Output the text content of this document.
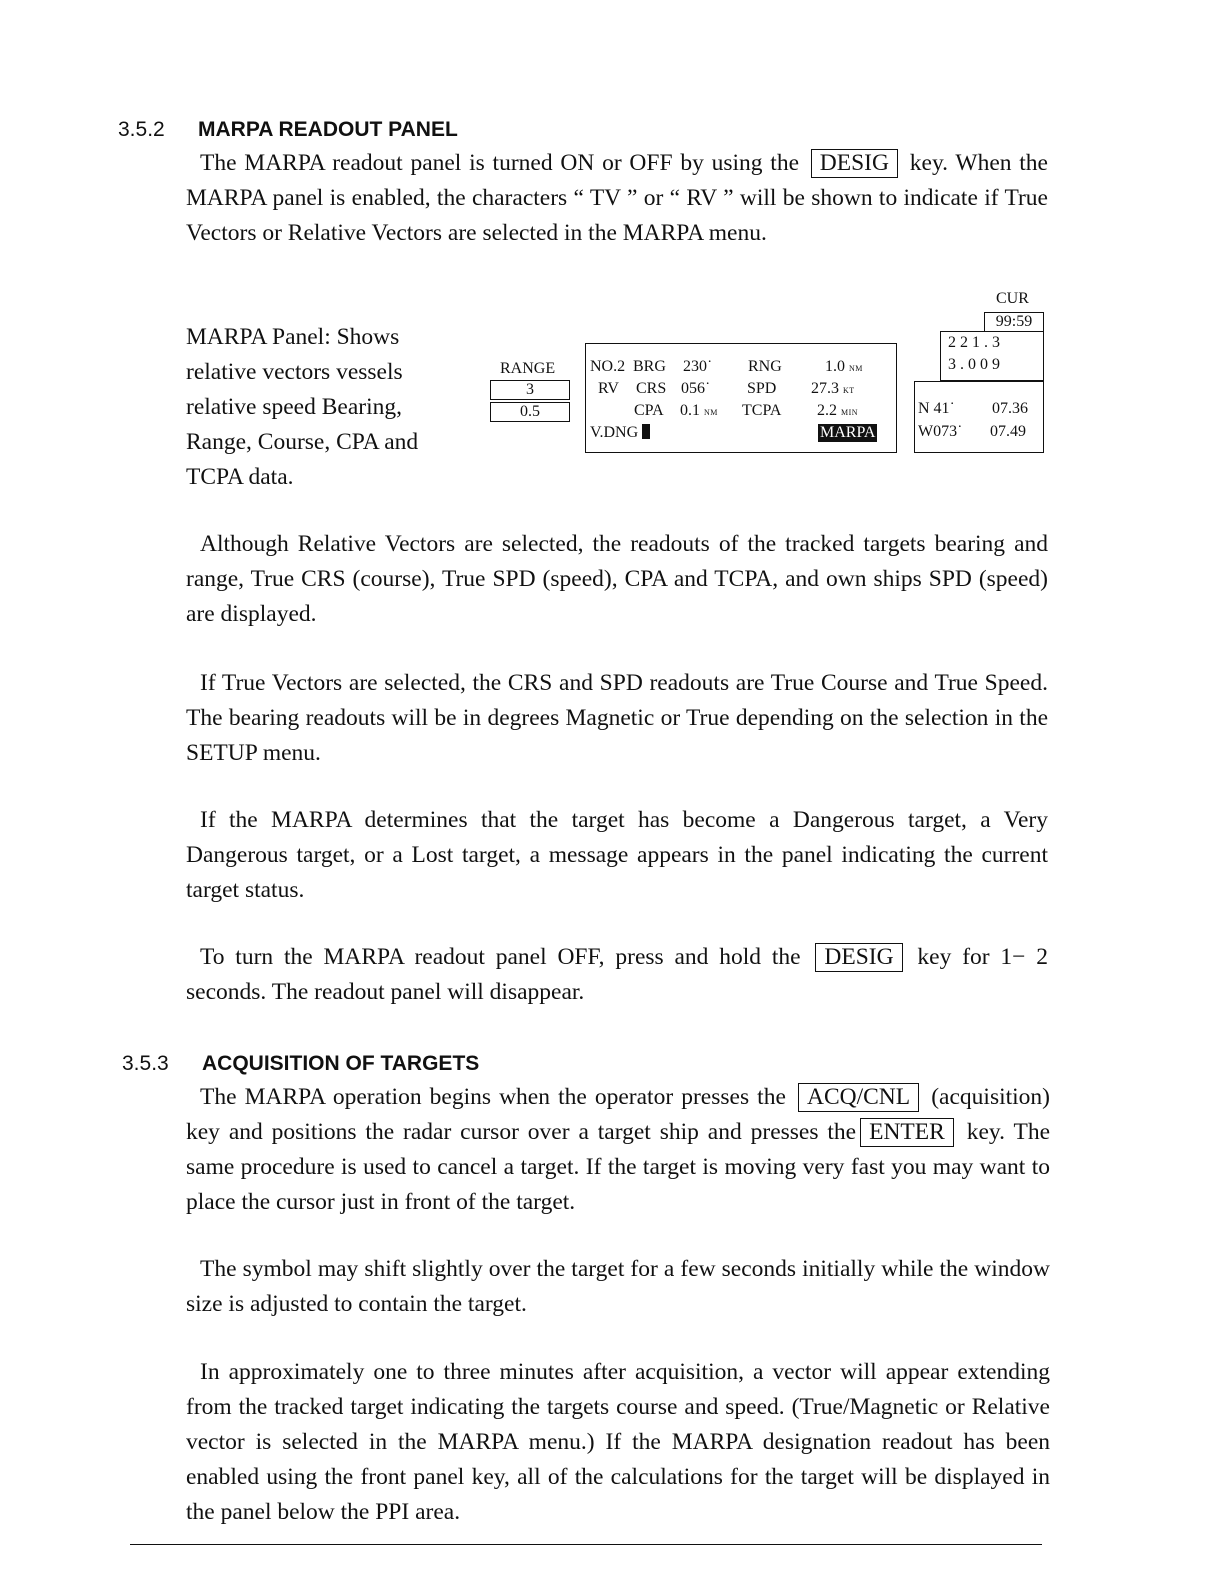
3.5.2 MARPA READOUT PANEL
The MARPA readout panel is turned ON or OFF by using the DESIG key. When the MARPA panel is enabled, the characters “ TV ” or “ RV ” will be shown to indicate if True Vectors or Relative Vectors are selected in the MARPA menu.
MARPA Panel: Shows relative vectors vessels relative speed Bearing, Range, Course, CPA and TCPA data.
RANGE
3
0.5
NO.2 BRG 230˙ RNG	1.0 NM
RV CRS 056˙ SPD 27.3 KT
CPA 0.1 NM TCPA 2.2 MIN
V.DNG	MARPA
CUR
99:59
2 2 1 . 3
3 . 0 0 9
N 41˙ 07.36
W073˙ 07.49
Although Relative Vectors are selected, the readouts of the tracked targets bearing and range, True CRS (course), True SPD (speed), CPA and TCPA, and own ships SPD (speed) are displayed.
If True Vectors are selected, the CRS and SPD readouts are True Course and True Speed. The bearing readouts will be in degrees Magnetic or True depending on the selection in the SETUP menu.
If the MARPA determines that the target has become a Dangerous target, a Very Dangerous target, or a Lost target, a message appears in the panel indicating the current target status.
To turn the MARPA readout panel OFF, press and hold the DESIG key for 1− 2 seconds. The readout panel will disappear.
3.5.3 ACQUISITION OF TARGETS
The MARPA operation begins when the operator presses the ACQ/CNL (acquisition) key and positions the radar cursor over a target ship and presses the ENTER key. The same procedure is used to cancel a target. If the target is moving very fast you may want to place the cursor just in front of the target.
The symbol may shift slightly over the target for a few seconds initially while the window size is adjusted to contain the target.
In approximately one to three minutes after acquisition, a vector will appear extending from the tracked target indicating the targets course and speed. (True/Magnetic or Relative vector is selected in the MARPA menu.) If the MARPA designation readout has been enabled using the front panel key, all of the calculations for the target will be displayed in the panel below the PPI area.
